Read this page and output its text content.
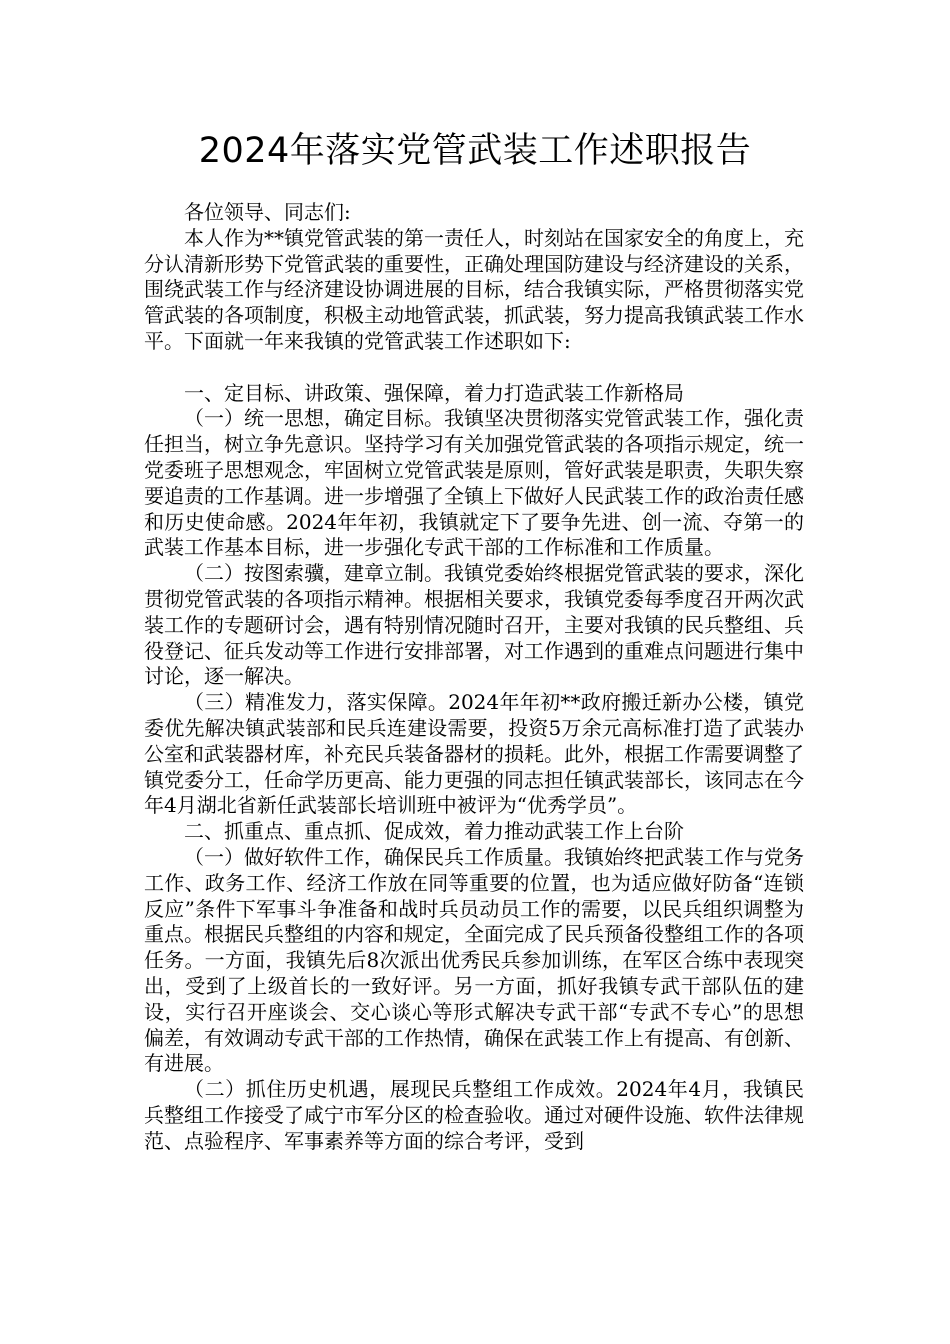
2024年落实党管武装工作述职报告

各位领导、同志们:

本人作为**镇党管武装的第一责任人，时刻站在国家安全的角度上，充分认清新形势下党管武装的重要性，正确处理国防建设与经济建设的关系，围绕武装工作与经济建设协调进展的目标，结合我镇实际，严格贯彻落实党管武装的各项制度，积极主动地管武装，抓武装，努力提高我镇武装工作水平。下面就一年来我镇的党管武装工作述职如下:

一、定目标、讲政策、强保障，着力打造武装工作新格局

（一）统一思想，确定目标。我镇坚决贯彻落实党管武装工作，强化责任担当，树立争先意识。坚持学习有关加强党管武装的各项指示规定，统一党委班子思想观念，牢固树立党管武装是原则，管好武装是职责，失职失察要追责的工作基调。进一步增强了全镇上下做好人民武装工作的政治责任感和历史使命感。2024年年初，我镇就定下了要争先进、创一流、夺第一的武装工作基本目标，进一步强化专武干部的工作标准和工作质量。

（二）按图索骥，建章立制。我镇党委始终根据党管武装的要求，深化贯彻党管武装的各项指示精神。根据相关要求，我镇党委每季度召开两次武装工作的专题研讨会，遇有特别情况随时召开，主要对我镇的民兵整组、兵役登记、征兵发动等工作进行安排部署，对工作遇到的重难点问题进行集中讨论，逐一解决。

（三）精准发力，落实保障。2024年年初**政府搬迁新办公楼，镇党委优先解决镇武装部和民兵连建设需要，投资5万余元高标准打造了武装办公室和武装器材库，补充民兵装备器材的损耗。此外，根据工作需要调整了镇党委分工，任命学历更高、能力更强的同志担任镇武装部长，该同志在今年4月湖北省新任武装部长培训班中被评为“优秀学员”。

二、抓重点、重点抓、促成效，着力推动武装工作上台阶

（一）做好软件工作，确保民兵工作质量。我镇始终把武装工作与党务工作、政务工作、经济工作放在同等重要的位置，也为适应做好防备“连锁反应”条件下军事斗争准备和战时兵员动员工作的需要，以民兵组织调整为重点。根据民兵整组的内容和规定，全面完成了民兵预备役整组工作的各项任务。一方面，我镇先后8次派出优秀民兵参加训练，在军区合练中表现突出，受到了上级首长的一致好评。另一方面，抓好我镇专武干部队伍的建设，实行召开座谈会、交心谈心等形式解决专武干部“专武不专心”的思想偏差，有效调动专武干部的工作热情，确保在武装工作上有提高、有创新、有进展。

（二）抓住历史机遇，展现民兵整组工作成效。2024年4月，我镇民兵整组工作接受了咸宁市军分区的检查验收。通过对硬件设施、软件法律规范、点验程序、军事素养等方面的综合考评，受到
